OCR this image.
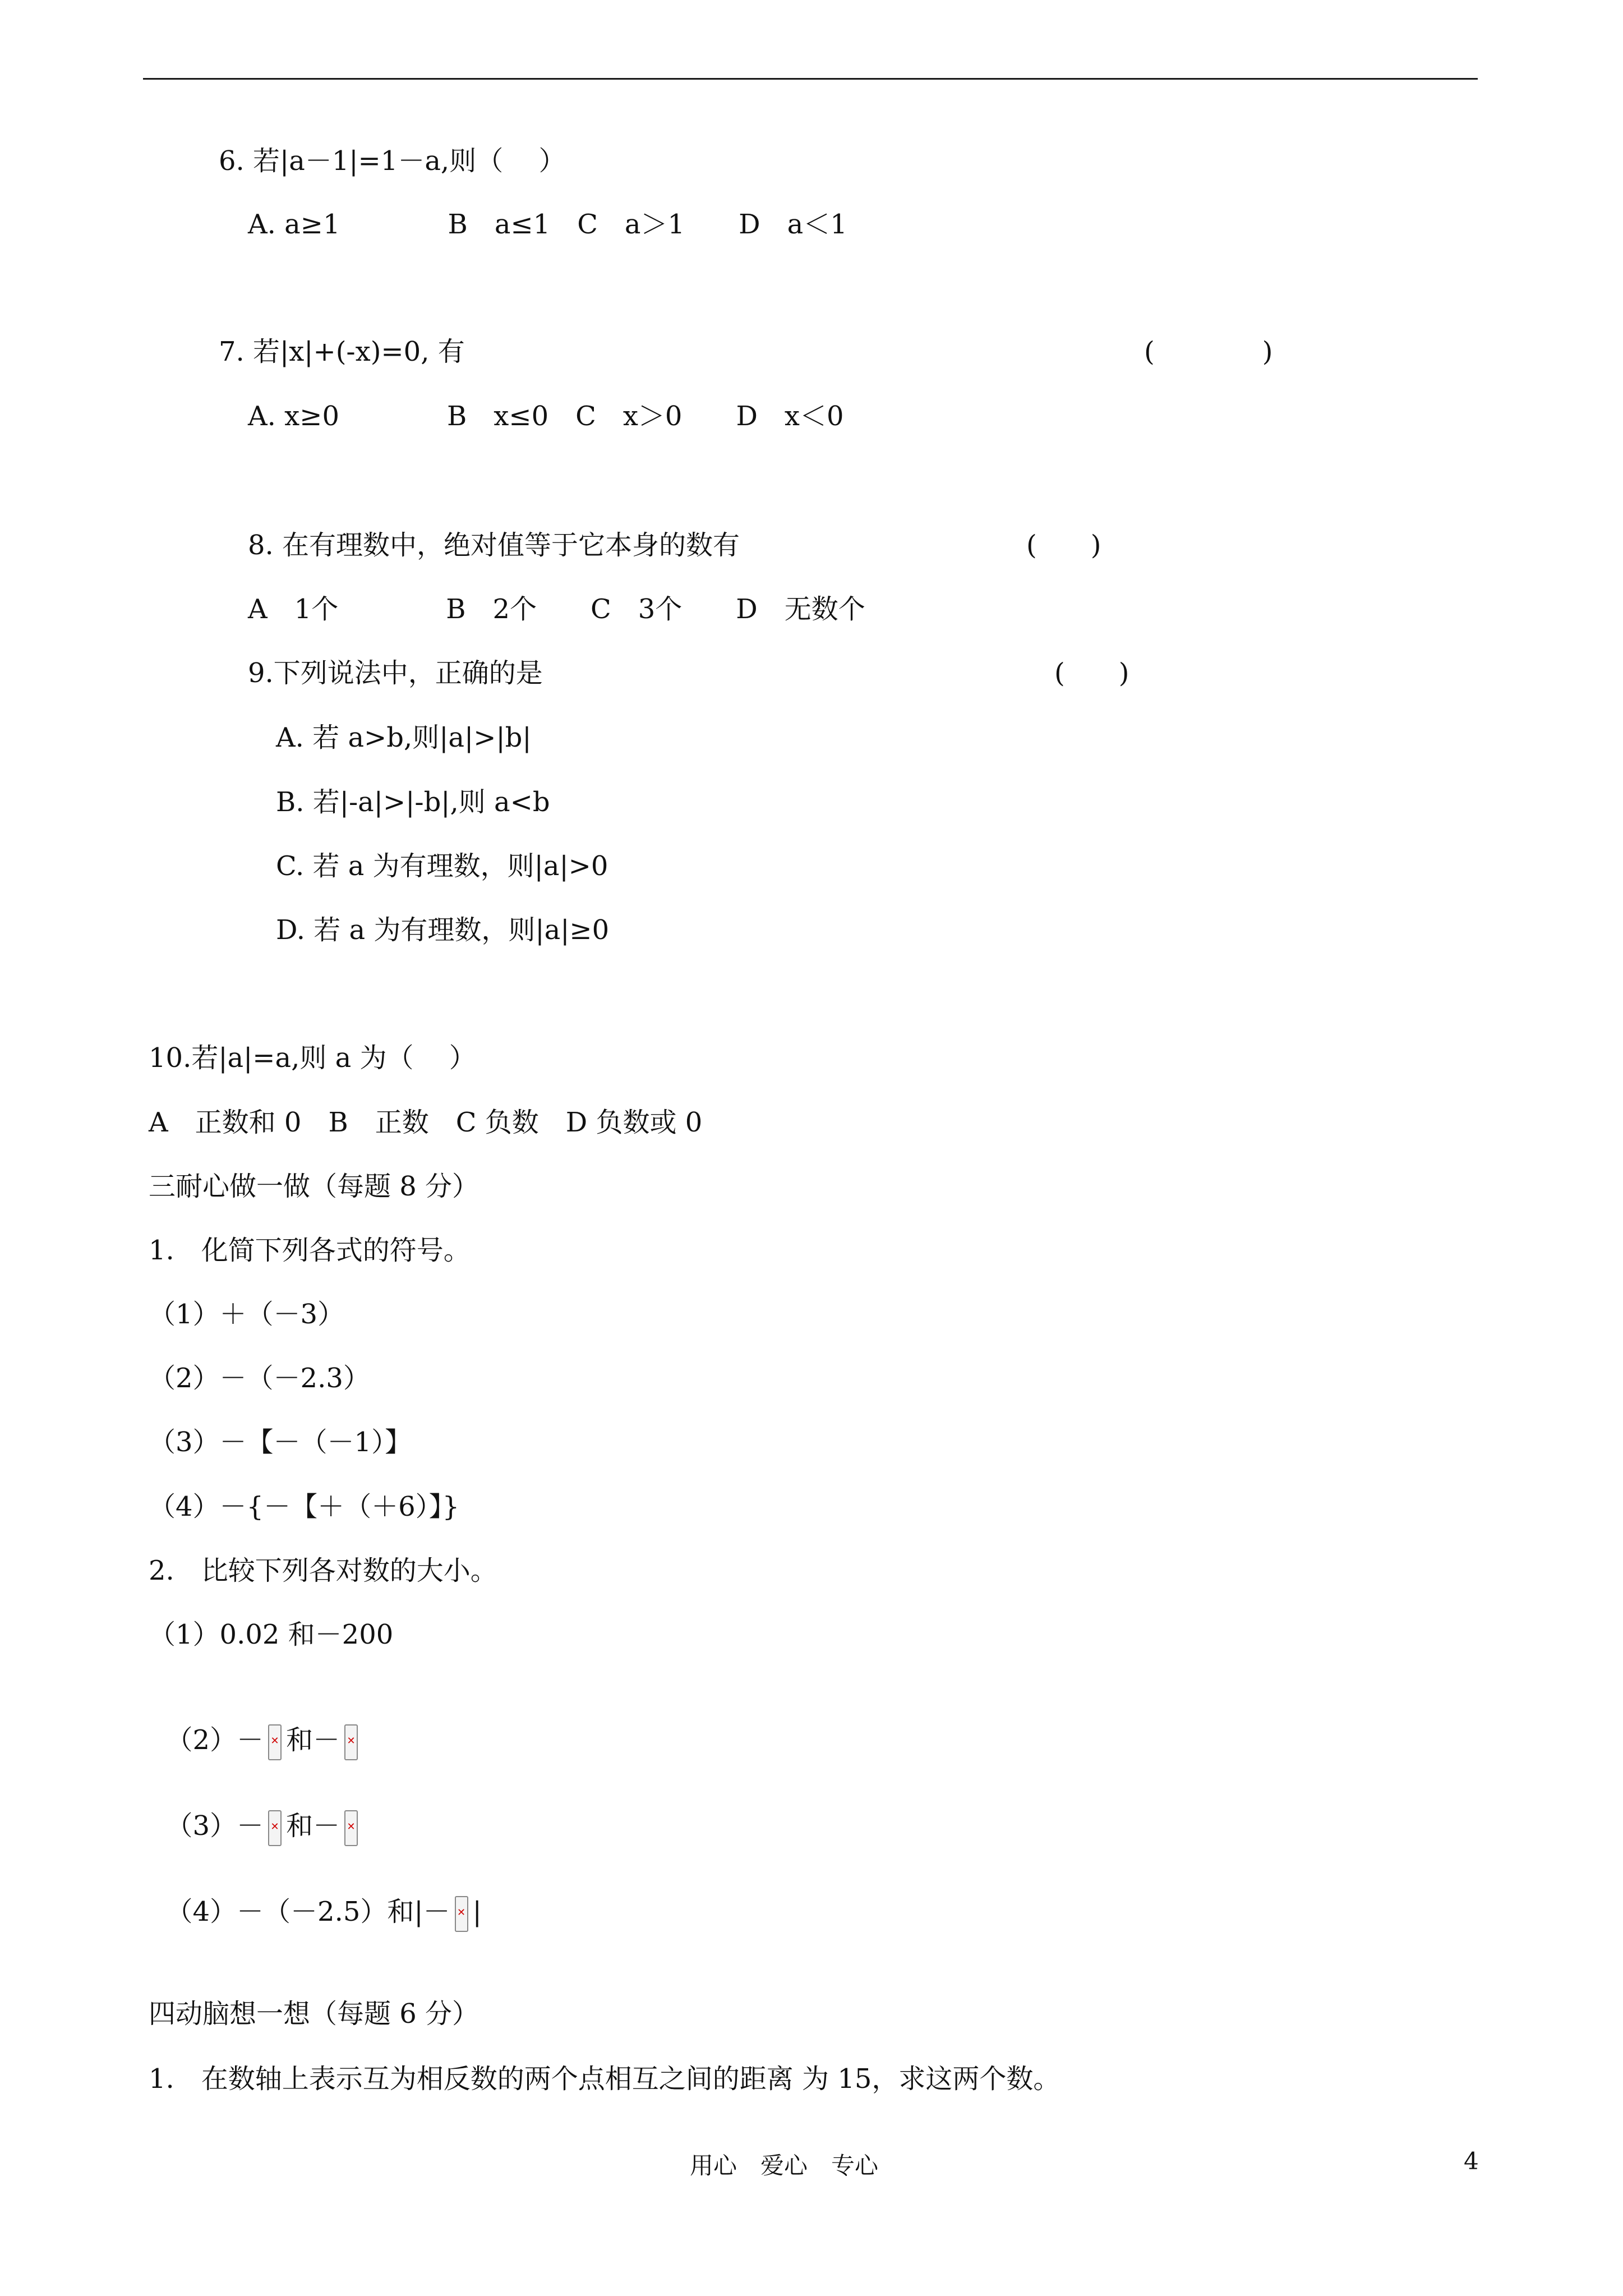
6. 若|a－1|=1－a,则（　 ）
A. a≥1　　　　B　a≤1　C　a＞1　　D　a＜1
7. 若|x|+(-x)=0, 有	(　　　　)
A. x≥0　　　　B　x≤0　C　x＞0　　D　x＜0
8. 在有理数中，绝对值等于它本身的数有	(　　)
A　1个　　　　B　2个　　C　3个　　D　无数个
9.下列说法中，正确的是	(　　)
A. 若 a>b,则|a|>|b|
B. 若|-a|>|-b|,则 a<b
C. 若 a 为有理数，则|a|>0
D. 若 a 为有理数，则|a|≥0
10.若|a|=a,则 a 为（　 ）
A　正数和 0　B　正数　C 负数　D 负数或 0
三耐心做一做（每题 8 分）
1.　化简下列各式的符号。
（1）＋（－3）
（2）－（－2.3）
（3）－【－（－1）】
（4）－{－【＋（＋6）】}
2.　比较下列各对数的大小。
（1）0.02 和－200

（2）－ ✕ 和－ ✕

（3）－ ✕ 和－ ✕

（4）－（－2.5）和|－ ✕ |

四动脑想一想（每题 6 分）
1.　在数轴上表示互为相反数的两个点相互之间的距离 为 15，求这两个数。
用心　爱心　专心	4
